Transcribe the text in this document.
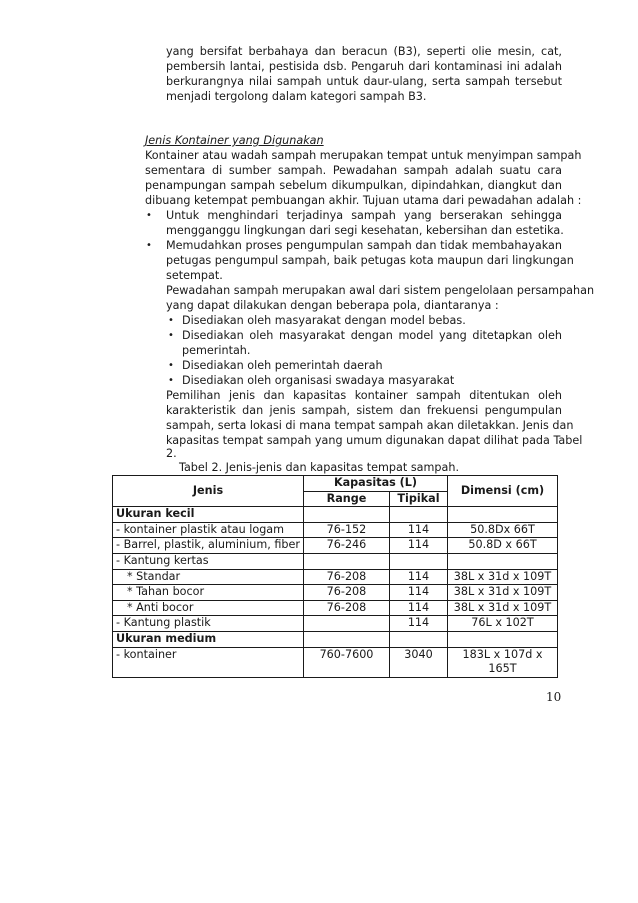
yang bersifat berbahaya dan beracun (B3), seperti olie mesin, cat,
pembersih lantai, pestisida dsb. Pengaruh dari kontaminasi ini adalah
berkurangnya nilai sampah untuk daur-ulang, serta sampah tersebut
menjadi tergolong dalam kategori sampah B3.
Jenis Kontainer yang Digunakan
Kontainer atau wadah sampah merupakan tempat untuk menyimpan sampah
sementara di sumber sampah. Pewadahan sampah adalah suatu cara
penampungan sampah sebelum dikumpulkan, dipindahkan, diangkut dan
dibuang ketempat pembuangan akhir. Tujuan utama dari pewadahan adalah :
• Untuk menghindari terjadinya sampah yang berserakan sehingga
mengganggu lingkungan dari segi kesehatan, kebersihan dan estetika.
• Memudahkan proses pengumpulan sampah dan tidak membahayakan
petugas pengumpul sampah, baik petugas kota maupun dari lingkungan
setempat.
Pewadahan sampah merupakan awal dari sistem pengelolaan persampahan
yang dapat dilakukan dengan beberapa pola, diantaranya :
• Disediakan oleh masyarakat dengan model bebas.
• Disediakan oleh masyarakat dengan model yang ditetapkan oleh
pemerintah.
• Disediakan oleh pemerintah daerah
• Disediakan oleh organisasi swadaya masyarakat
Pemilihan jenis dan kapasitas kontainer sampah ditentukan oleh
karakteristik dan jenis sampah, sistem dan frekuensi pengumpulan
sampah, serta lokasi di mana tempat sampah akan diletakkan. Jenis dan
kapasitas tempat sampah yang umum digunakan dapat dilihat pada Tabel
2.
Tabel 2. Jenis-jenis dan kapasitas tempat sampah.
Jenis	Kapasitas (L)		Dimensi (cm)
	Range	Tipikal	
Ukuran kecil			
- kontainer plastik atau logam	76-152	114	50.8Dx 66T
- Barrel, plastik, aluminium, fiber	76-246	114	50.8D x 66T
- Kantung kertas			
* Standar	76-208	114	38L x 31d x 109T
* Tahan bocor	76-208	114	38L x 31d x 109T
* Anti bocor	76-208	114	38L x 31d x 109T
- Kantung plastik		114	76L x 102T
Ukuran medium			
- kontainer	760-7600	3040	183L x 107d x
165T
10
